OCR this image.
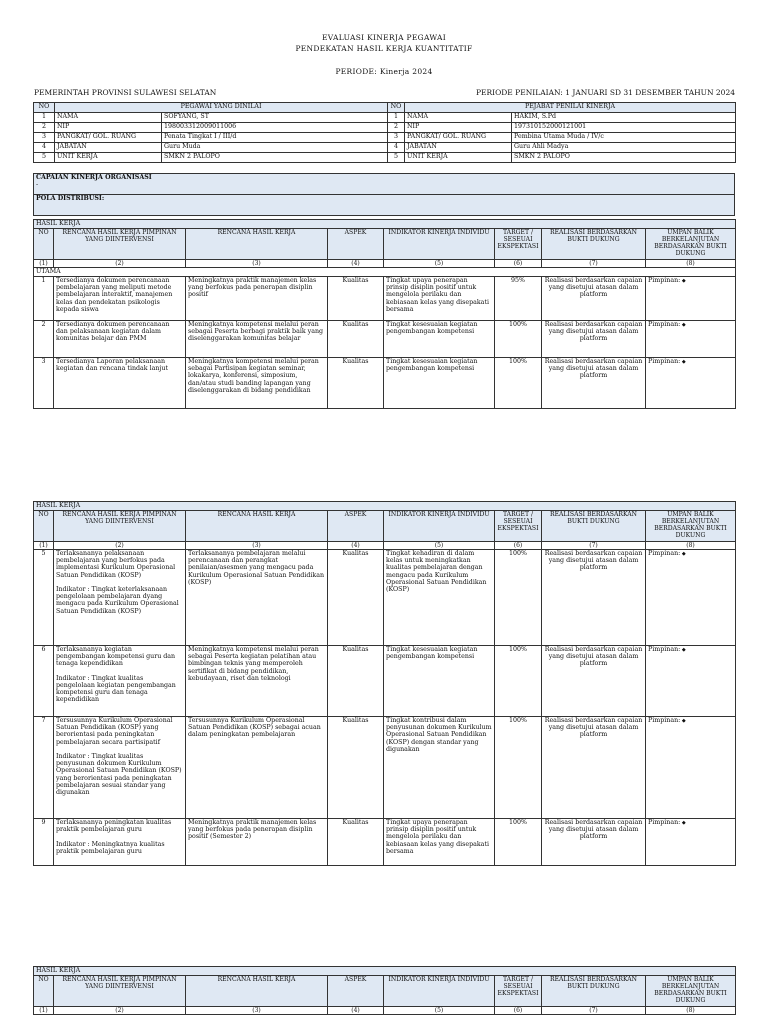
EVALUASI KINERJA PEGAWAI
PENDEKATAN HASIL KERJA KUANTITATIF
PERIODE: Kinerja 2024
PEMERINTAH PROVINSI SULAWESI SELATAN	PERIODE PENILAIAN: 1 JANUARI SD 31 DESEMBER TAHUN 2024
NO	PEGAWAI YANG DINILAI		NO	PEJABAT PENILAI KINERJA	
1	NAMA	SOFYANG, ST	1	NAMA	HAKIM, S.Pd
2	NIP	198003312009011006	2	NIP	197310152000121001
3	PANGKAT/ GOL. RUANG	Penata Tingkat I / III/d	3	PANGKAT/ GOL. RUANG	Pembina Utama Muda / IV/c
4	JABATAN	Guru Muda	4	JABATAN	Guru Ahli Madya
5	UNIT KERJA	SMKN 2 PALOPO	5	UNIT KERJA	SMKN 2 PALOPO
CAPAIAN KINERJA ORGANISASI
-

POLA DISTRIBUSI:
HASIL KERJA							
NO	RENCANA HASIL KERJA PIMPINAN YANG DIINTERVENSI	RENCANA HASIL KERJA	ASPEK	INDIKATOR KINERJA INDIVIDU	TARGET / SESEUAI EKSPEKTASI	REALISASI BERDASARKAN BUKTI DUKUNG	UMPAN BALIK BERKELANJUTAN BERDASARKAN BUKTI DUKUNG
(1)	(2)	(3)	(4)	(5)	(6)	(7)	(8)
UTAMA							
1	Tersedianya dokumen perencanaan pembelajaran yang meliputi metode pembelajaran interaktif, manajemen kelas dan pendekatan psikologis kepada siswa	Meningkatnya praktik manajemen kelas yang berfokus pada penerapan disiplin positif	Kualitas	Tingkat upaya penerapan prinsip disiplin positif untuk mengelola perilaku dan kebiasaan kelas yang disepakati bersama	95%	Realisasi berdasarkan capaian yang disetujui atasan dalam platform	Pimpinan: ◆
2	Tersedianya dokumen perencanaan dan pelaksanaan kegiatan dalam komunitas belajar dan PMM	Meningkatnya kompetensi melalui peran sebagai Peserta berbagi praktik baik yang diselenggarakan komunitas belajar	Kualitas	Tingkat kesesuaian kegiatan pengembangan kompetensi	100%	Realisasi berdasarkan capaian yang disetujui atasan dalam platform	Pimpinan: ◆
3	Tersedianya Laporan pelaksanaan kegiatan dan rencana tindak lanjut	Meningkatnya kompetensi melalui peran sebagai Partisipan kegiatan seminar, lokakarya, konferensi, simposium, dan/atau studi banding lapangan yang diselenggarakan di bidang pendidikan	Kualitas	Tingkat kesesuaian kegiatan pengembangan kompetensi	100%	Realisasi berdasarkan capaian yang disetujui atasan dalam platform	Pimpinan: ◆
HASIL KERJA							
NO	RENCANA HASIL KERJA PIMPINAN YANG DIINTERVENSI	RENCANA HASIL KERJA	ASPEK	INDIKATOR KINERJA INDIVIDU	TARGET / SESEUAI EKSPEKTASI	REALISASI BERDASARKAN BUKTI DUKUNG	UMPAN BALIK BERKELANJUTAN BERDASARKAN BUKTI DUKUNG
(1)	(2)	(3)	(4)	(5)	(6)	(7)	(8)
5	Terlaksananya pelaksanaan pembelajaran yang berfokus pada implementasi Kurikulum Operasional Satuan Pendidikan (KOSP)

Indikator : Tingkat keterlaksanaan pengelolaan pembelajaran dyang mengacu pada Kurikulum Operasional Satuan Pendidikan (KOSP)	Terlaksananya pembelajaran melalui perencanaan dan perangkat penilaian/asesmen yang mengacu pada Kurikulum Operasional Satuan Pendidikan (KOSP)	Kualitas	Tingkat kehadiran di dalam kelas untuk meningkatkan kualitas pembelajaran dengan mengacu pada Kurikulum Operasional Satuan Pendidikan (KOSP)	100%	Realisasi berdasarkan capaian yang disetujui atasan dalam platform	Pimpinan: ◆
6	Terlaksananya kegiatan pengembangan kompetensi guru dan tenaga kependidikan

Indikator : Tingkat kualitas pengelolaan kegiatan pengembangan kompetensi guru dan tenaga kependidikan	Meningkatnya kompetensi melalui peran sebagai Peserta kegiatan pelatihan atau bimbingan teknis yang memperoleh sertifikat di bidang pendidikan, kebudayaan, riset dan teknologi	Kualitas	Tingkat kesesuaian kegiatan pengembangan kompetensi	100%	Realisasi berdasarkan capaian yang disetujui atasan dalam platform	Pimpinan: ◆
7	Tersusunnya Kurikulum Operasional Satuan Pendidikan (KOSP) yang berorientasi pada peningkatan pembelajaran secara partisipatif

Indikator : Tingkat kualitas penyusunan dokumen Kurikulum Operasional Satuan Pendidikan (KOSP) yang berorientasi pada peningkatan pembelajaran sesuai standar yang digunakan	Tersusunnya Kurikulum Operasional Satuan Pendidikan (KOSP) sebagai acuan dalam peningkatan pembelajaran	Kualitas	Tingkat kontribusi dalam penyusunan dokumen Kurikulum Operasional Satuan Pendidikan (KOSP) dengan standar yang digunakan	100%	Realisasi berdasarkan capaian yang disetujui atasan dalam platform	Pimpinan: ◆
9	Terlaksananya peningkatan kualitas praktik pembelajaran guru

Indikator : Meningkatnya kualitas praktik pembelajaran guru	Meningkatnya praktik manajemen kelas yang berfokus pada penerapan disiplin positif (Semester 2)	Kualitas	Tingkat upaya penerapan prinsip disiplin positif untuk mengelola perilaku dan kebiasaan kelas yang disepakati bersama	100%	Realisasi berdasarkan capaian yang disetujui atasan dalam platform	Pimpinan: ◆
HASIL KERJA							
NO	RENCANA HASIL KERJA PIMPINAN YANG DIINTERVENSI	RENCANA HASIL KERJA	ASPEK	INDIKATOR KINERJA INDIVIDU	TARGET / SESEUAI EKSPEKTASI	REALISASI BERDASARKAN BUKTI DUKUNG	UMPAN BALIK BERKELANJUTAN BERDASARKAN BUKTI DUKUNG
(1)	(2)	(3)	(4)	(5)	(6)	(7)	(8)
